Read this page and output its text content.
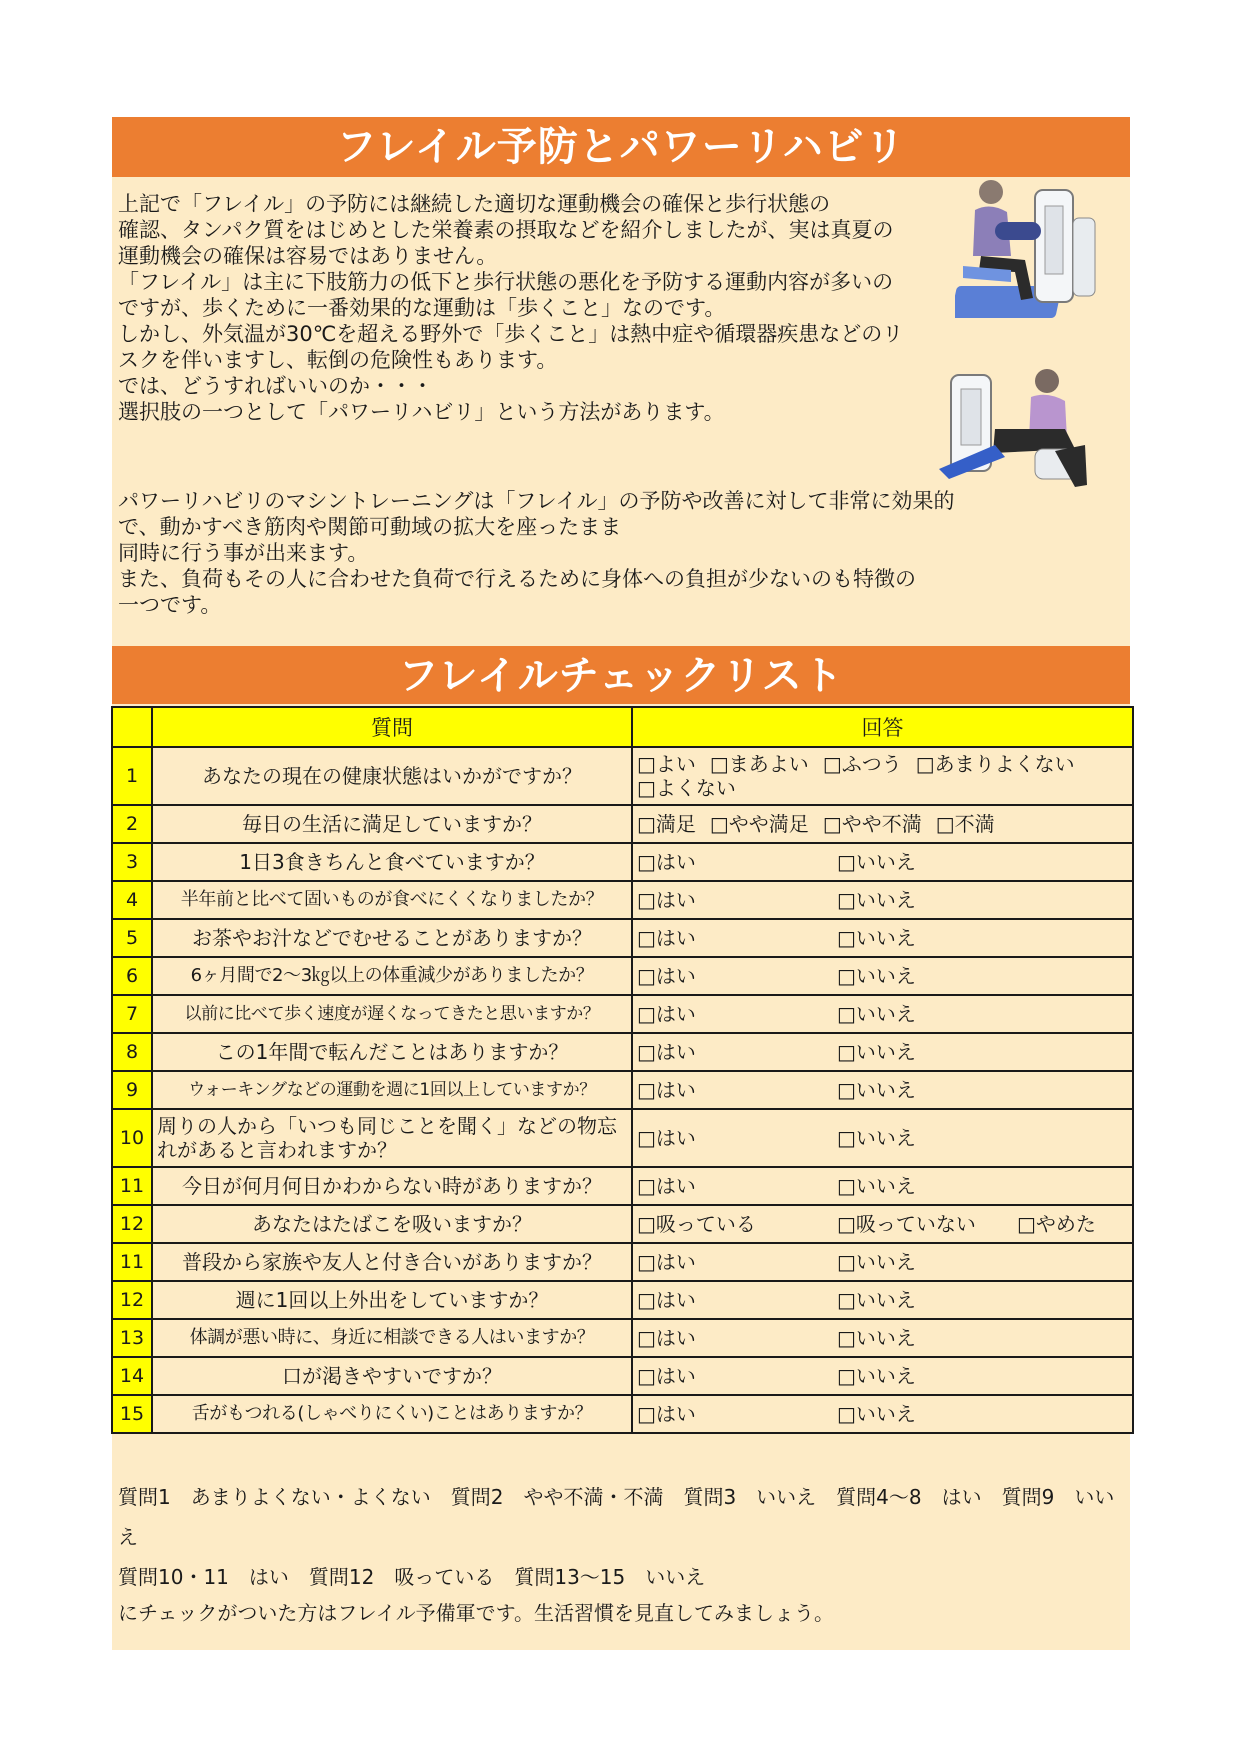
フレイル予防とパワーリハビリ

上記で「フレイル」の予防には継続した適切な運動機会の確保と歩行状態の
確認、タンパク質をはじめとした栄養素の摂取などを紹介しましたが、実は真夏の
運動機会の確保は容易ではありません。
「フレイル」は主に下肢筋力の低下と歩行状態の悪化を予防する運動内容が多いの
ですが、歩くために一番効果的な運動は「歩くこと」なのです。
しかし、外気温が30℃を超える野外で「歩くこと」は熱中症や循環器疾患などのリ
スクを伴いますし、転倒の危険性もあります。
では、どうすればいいのか・・・
選択肢の一つとして「パワーリハビリ」という方法があります。

パワーリハビリのマシントレーニングは「フレイル」の予防や改善に対して非常に効果的
で、動かすべき筋肉や関節可動域の拡大を座ったまま
同時に行う事が出来ます。
また、負荷もその人に合わせた負荷で行えるために身体への負担が少ないのも特徴の
一つです。

フレイルチェックリスト
	質問	回答
1	あなたの現在の健康状態はいかがですか？	□よい □まあよい □ふつう □あまりよくない
□よくない
2	毎日の生活に満足していますか？	□満足 □やや満足 □やや不満 □不満
3	1日3食きちんと食べていますか？	□はい □いいえ
4	半年前と比べて固いものが食べにくくなりましたか？	□はい □いいえ
5	お茶やお汁などでむせることがありますか？	□はい □いいえ
6	6ヶ月間で2～3㎏以上の体重減少がありましたか？	□はい □いいえ
7	以前に比べて歩く速度が遅くなってきたと思いますか？	□はい □いいえ
8	この1年間で転んだことはありますか？	□はい □いいえ
9	ウォーキングなどの運動を週に1回以上していますか？	□はい □いいえ
10	周りの人から「いつも同じことを聞く」などの物忘れがあると言われますか？	□はい □いいえ
11	今日が何月何日かわからない時がありますか？	□はい □いいえ
12	あなたはたばこを吸いますか？	□吸っている □吸っていない □やめた
11	普段から家族や友人と付き合いがありますか？	□はい □いいえ
12	週に1回以上外出をしていますか？	□はい □いいえ
13	体調が悪い時に、身近に相談できる人はいますか？	□はい □いいえ
14	口が渇きやすいですか？	□はい □いいえ
15	舌がもつれる(しゃべりにくい)ことはありますか？	□はい □いいえ

質問1　あまりよくない・よくない　質問2　やや不満・不満　質問3　いいえ　質問4～8　はい　質問9　いいえ

質問10・11　はい　質問12　吸っている　質問13～15　いいえ

にチェックがついた方はフレイル予備軍です。生活習慣を見直してみましょう。
